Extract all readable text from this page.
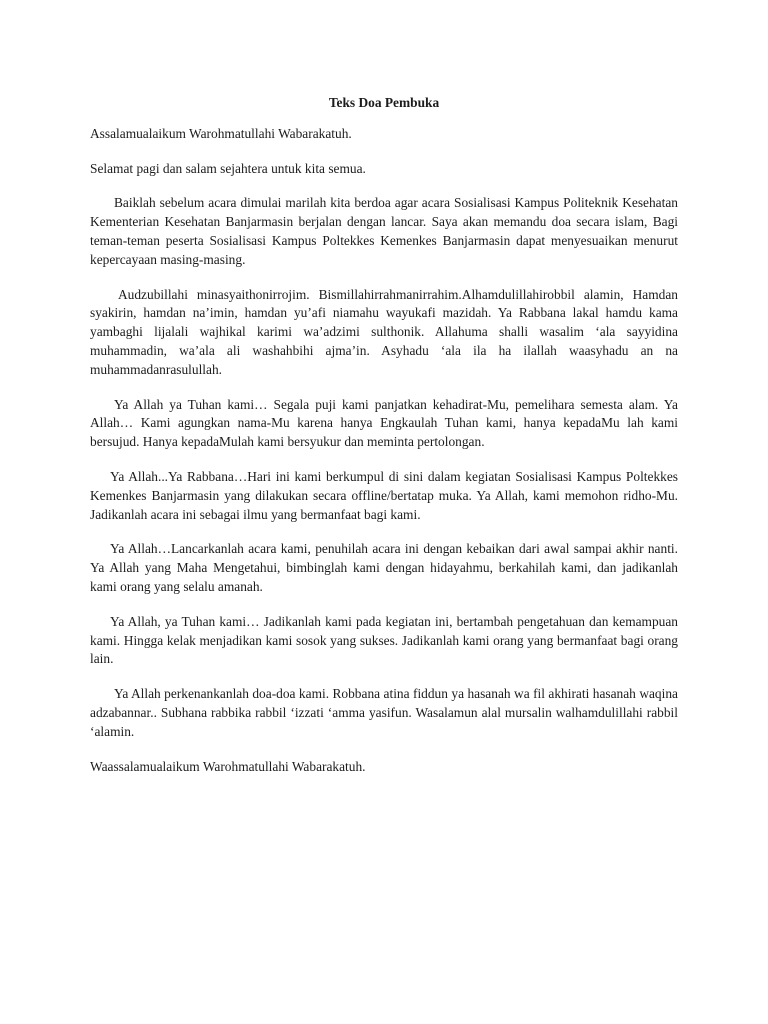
Teks Doa Pembuka

Assalamualaikum Warohmatullahi Wabarakatuh.

Selamat pagi dan salam sejahtera untuk kita semua.

Baiklah sebelum acara dimulai marilah kita berdoa agar acara Sosialisasi Kampus Politeknik Kesehatan Kementerian Kesehatan Banjarmasin berjalan dengan lancar. Saya akan memandu doa secara islam, Bagi teman-teman peserta Sosialisasi Kampus Poltekkes Kemenkes Banjarmasin dapat menyesuaikan menurut kepercayaan masing-masing.

Audzubillahi minasyaithonirrojim. Bismillahirrahmanirrahim.Alhamdulillahirobbil alamin, Hamdan syakirin, hamdan na’imin, hamdan yu’afi niamahu wayukafi mazidah. Ya Rabbana lakal hamdu kama yambaghi lijalali wajhikal karimi wa’adzimi sulthonik. Allahuma shalli wasalim ‘ala sayyidina muhammadin, wa’ala ali washahbihi ajma’in. Asyhadu ‘ala ila ha ilallah waasyhadu an na muhammadanrasulullah.

Ya Allah ya Tuhan kami… Segala puji kami panjatkan kehadirat-Mu, pemelihara semesta alam. Ya Allah… Kami agungkan nama-Mu karena hanya Engkaulah Tuhan kami, hanya kepadaMu lah kami bersujud. Hanya kepadaMulah kami bersyukur dan meminta pertolongan.

Ya Allah...Ya Rabbana…Hari ini kami berkumpul di sini dalam kegiatan Sosialisasi Kampus Poltekkes Kemenkes Banjarmasin yang dilakukan secara offline/bertatap muka. Ya Allah, kami memohon ridho-Mu. Jadikanlah acara ini sebagai ilmu yang bermanfaat bagi kami.

Ya Allah…Lancarkanlah acara kami, penuhilah acara ini dengan kebaikan dari awal sampai akhir nanti. Ya Allah yang Maha Mengetahui, bimbinglah kami dengan hidayahmu, berkahilah kami, dan jadikanlah kami orang yang selalu amanah.

Ya Allah, ya Tuhan kami… Jadikanlah kami pada kegiatan ini, bertambah pengetahuan dan kemampuan kami. Hingga kelak menjadikan kami sosok yang sukses. Jadikanlah kami orang yang bermanfaat bagi orang lain.

Ya Allah perkenankanlah doa-doa kami. Robbana atina fiddun ya hasanah wa fil akhirati hasanah waqina adzabannar.. Subhana rabbika rabbil ‘izzati ‘amma yasifun. Wasalamun alal mursalin walhamdulillahi rabbil ‘alamin.

Waassalamualaikum Warohmatullahi Wabarakatuh.
